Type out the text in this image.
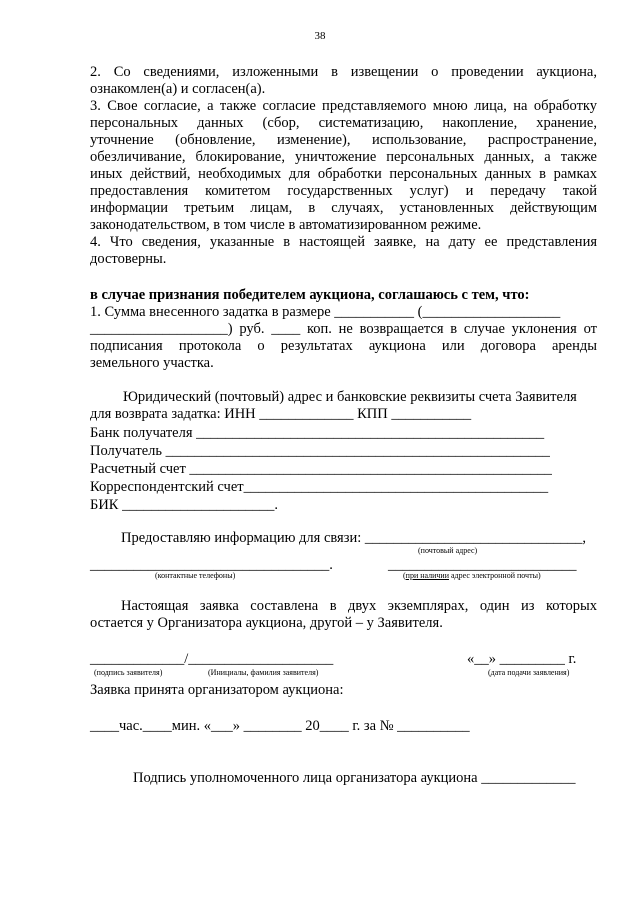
38
2. Со сведениями, изложенными в извещении о проведении аукциона,
ознакомлен(а) и согласен(а).
3. Свое согласие, а также согласие представляемого мною лица, на обработку
персональных данных (сбор, систематизацию, накопление, хранение,
уточнение (обновление, изменение), использование, распространение,
обезличивание, блокирование, уничтожение персональных данных, а также
иных действий, необходимых для обработки персональных данных в рамках
предоставления комитетом государственных услуг) и передачу такой
информации третьим лицам, в случаях, установленных действующим
законодательством, в том числе в автоматизированном режиме.
4. Что сведения, указанные в настоящей заявке, на дату ее представления
достоверны.
в случае признания победителем аукциона, соглашаюсь с тем, что:
1. Сумма внесенного задатка в размере ___________ (___________________
___________________) руб. ____ коп. не возвращается в случае уклонения от
подписания протокола о результатах аукциона или договора аренды
земельного участка.
Юридический (почтовый) адрес и банковские реквизиты счета Заявителя
для возврата задатка: ИНН _____________ КПП ___________
Банк получателя ________________________________________________
Получатель _____________________________________________________
Расчетный счет __________________________________________________
Корреспондентский счет__________________________________________
БИК _____________________.
Предоставляю информацию для связи: ______________________________,
(почтовый адрес)
_________________________________.	__________________________
(контактные телефоны)	(при наличии адрес электронной почты)
Настоящая заявка составлена в двух экземплярах, один из которых
остается у Организатора аукциона, другой – у Заявителя.
_____________/____________________	«__» _________ г.
(подпись заявителя)	(Инициалы, фамилия заявителя)	(дата подачи заявления)
Заявка принята организатором аукциона:
____час.____мин. «___» ________ 20____ г. за № __________
Подпись уполномоченного лица организатора аукциона _____________
